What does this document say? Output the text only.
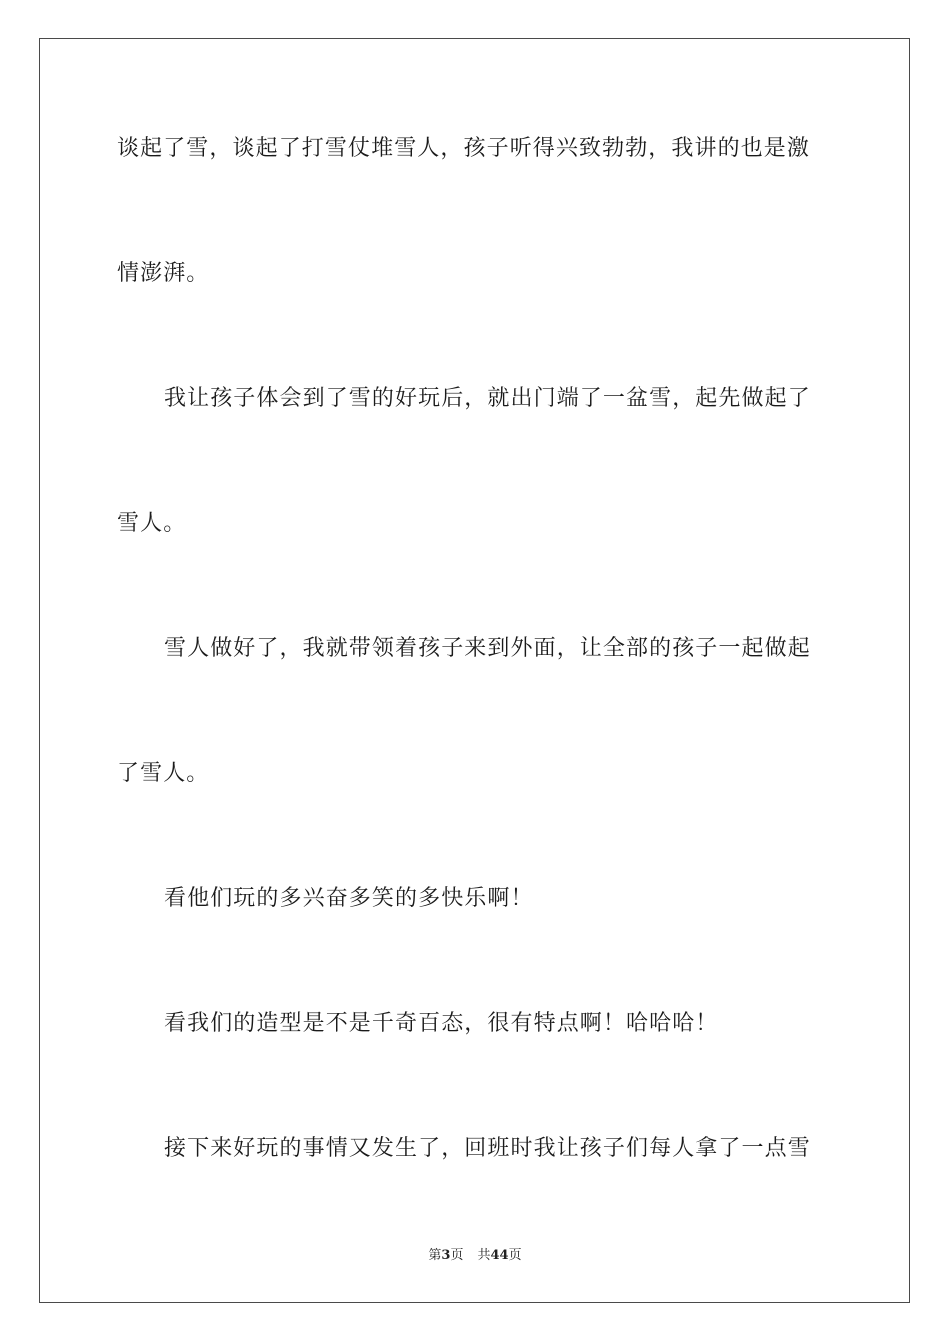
谈起了雪，谈起了打雪仗堆雪人，孩子听得兴致勃勃，我讲的也是激
情澎湃。
我让孩子体会到了雪的好玩后，就出门端了一盆雪，起先做起了
雪人。
雪人做好了，我就带领着孩子来到外面，让全部的孩子一起做起
了雪人。
看他们玩的多兴奋多笑的多快乐啊！
看我们的造型是不是千奇百态，很有特点啊！哈哈哈！
接下来好玩的事情又发生了，回班时我让孩子们每人拿了一点雪
第3页 共44页
